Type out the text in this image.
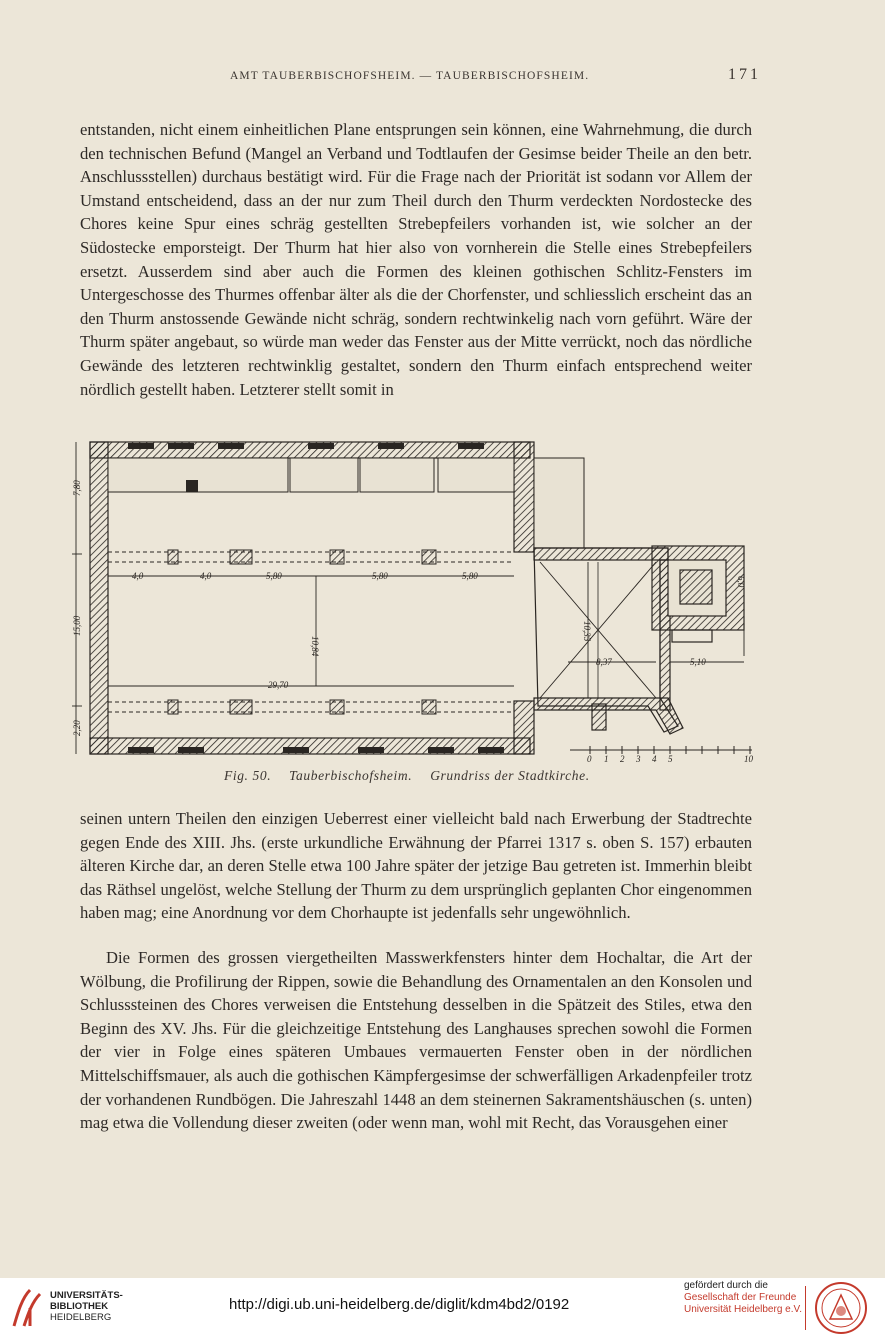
AMT TAUBERBISCHOFSHEIM. — TAUBERBISCHOFSHEIM.	171

entstanden, nicht einem einheitlichen Plane entsprungen sein können, eine Wahrnehmung, die durch den technischen Befund (Mangel an Verband und Todtlaufen der Gesimse beider Theile an den betr. Anschlussstellen) durchaus bestätigt wird. Für die Frage nach der Priorität ist sodann vor Allem der Umstand entscheidend, dass an der nur zum Theil durch den Thurm verdeckten Nordostecke des Chores keine Spur eines schräg gestellten Strebepfeilers vorhanden ist, wie solcher an der Südostecke emporsteigt. Der Thurm hat hier also von vornherein die Stelle eines Strebepfeilers ersetzt. Ausserdem sind aber auch die Formen des kleinen gothischen Schlitz-Fensters im Untergeschosse des Thurmes offenbar älter als die der Chorfenster, und schliesslich erscheint das an den Thurm anstossende Gewände nicht schräg, sondern rechtwinkelig nach vorn geführt. Wäre der Thurm später angebaut, so würde man weder das Fenster aus der Mitte verrückt, noch das nördliche Gewände des letzteren rechtwinklig gestaltet, sondern den Thurm einfach entsprechend weiter nördlich gestellt haben. Letzterer stellt somit in

4,0	4,0	5,80	5,80	5,80
10,84
29,70
10,35
8,37
6,0
5,10
7,80
15,00
2,20
0 1 2 3 4 5	10
Fig. 50. Tauberbischofsheim. Grundriss der Stadtkirche.

seinen untern Theilen den einzigen Ueberrest einer vielleicht bald nach Erwerbung der Stadtrechte gegen Ende des XIII. Jhs. (erste urkundliche Erwähnung der Pfarrei 1317 s. oben S. 157) erbauten älteren Kirche dar, an deren Stelle etwa 100 Jahre später der jetzige Bau getreten ist. Immerhin bleibt das Räthsel ungelöst, welche Stellung der Thurm zu dem ursprünglich geplanten Chor eingenommen haben mag; eine Anordnung vor dem Chorhaupte ist jedenfalls sehr ungewöhnlich.

Die Formen des grossen viergetheilten Masswerkfensters hinter dem Hochaltar, die Art der Wölbung, die Profilirung der Rippen, sowie die Behandlung des Ornamentalen an den Konsolen und Schlusssteinen des Chores verweisen die Entstehung desselben in die Spätzeit des Stiles, etwa den Beginn des XV. Jhs. Für die gleichzeitige Entstehung des Langhauses sprechen sowohl die Formen der vier in Folge eines späteren Umbaues vermauerten Fenster oben in der nördlichen Mittelschiffsmauer, als auch die gothischen Kämpfergesimse der schwerfälligen Arkadenpfeiler trotz der vorhandenen Rundbögen. Die Jahreszahl 1448 an dem steinernen Sakramentshäuschen (s. unten) mag etwa die Vollendung dieser zweiten (oder wenn man, wohl mit Recht, das Vorausgehen einer

UNIVERSITÄTS-
BIBLIOTHEK
HEIDELBERG
http://digi.ub.uni-heidelberg.de/diglit/kdm4bd2/0192
gefördert durch die
Gesellschaft der Freunde
Universität Heidelberg e.V.
